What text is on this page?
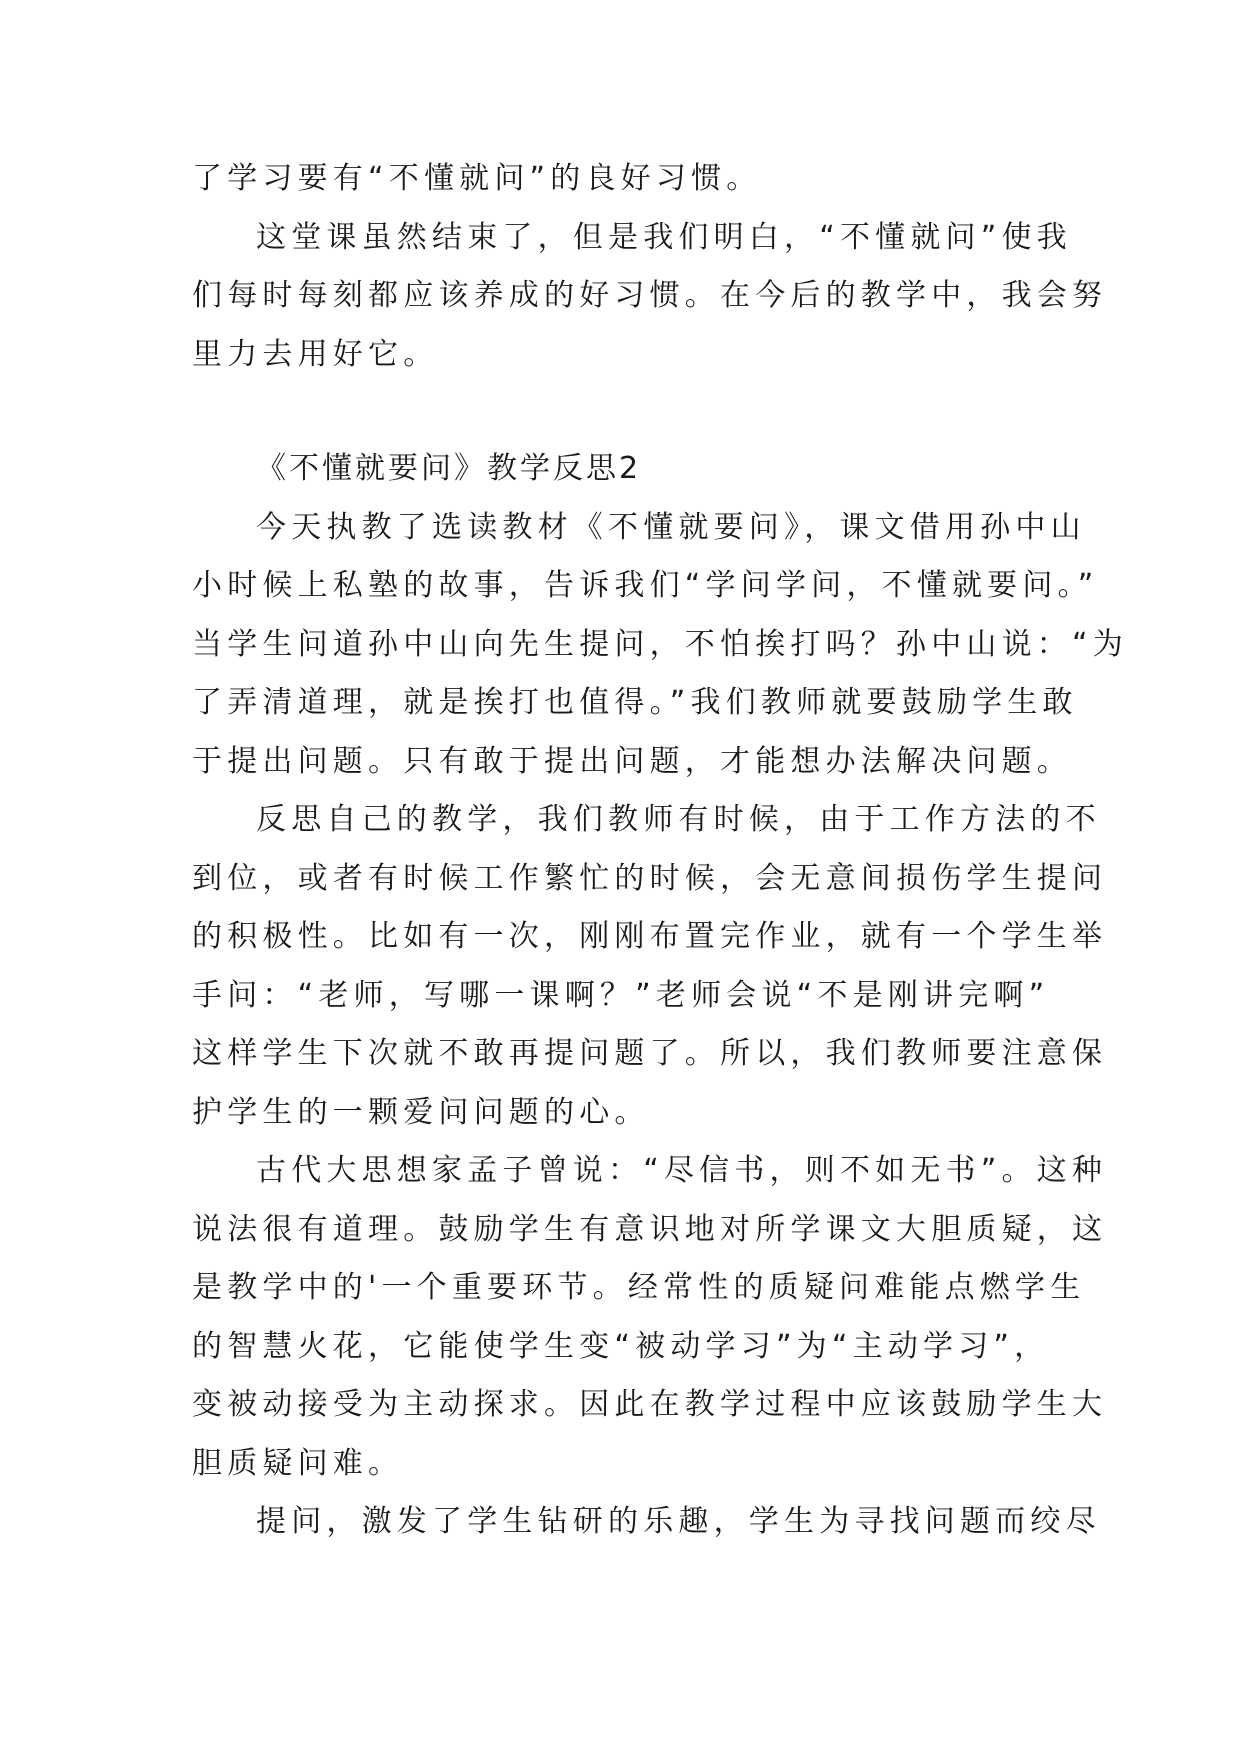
了学习要有“不懂就问”的良好习惯。
这堂课虽然结束了，但是我们明白，“不懂就问”使我
们每时每刻都应该养成的好习惯。在今后的教学中，我会努
里力去用好它。
《不懂就要问》教学反思2
今天执教了选读教材《不懂就要问》，课文借用孙中山
小时候上私塾的故事，告诉我们“学问学问，不懂就要问。”
当学生问道孙中山向先生提问，不怕挨打吗？孙中山说：“为
了弄清道理，就是挨打也值得。”我们教师就要鼓励学生敢
于提出问题。只有敢于提出问题，才能想办法解决问题。
反思自己的教学，我们教师有时候，由于工作方法的不
到位，或者有时候工作繁忙的时候，会无意间损伤学生提问
的积极性。比如有一次，刚刚布置完作业，就有一个学生举
手问：“老师，写哪一课啊？”老师会说“不是刚讲完啊”
这样学生下次就不敢再提问题了。所以，我们教师要注意保
护学生的一颗爱问问题的心。
古代大思想家孟子曾说：“尽信书，则不如无书”。这种
说法很有道理。鼓励学生有意识地对所学课文大胆质疑，这
是教学中的'一个重要环节。经常性的质疑问难能点燃学生
的智慧火花，它能使学生变“被动学习”为“主动学习”，
变被动接受为主动探求。因此在教学过程中应该鼓励学生大
胆质疑问难。
提问，激发了学生钻研的乐趣，学生为寻找问题而绞尽
